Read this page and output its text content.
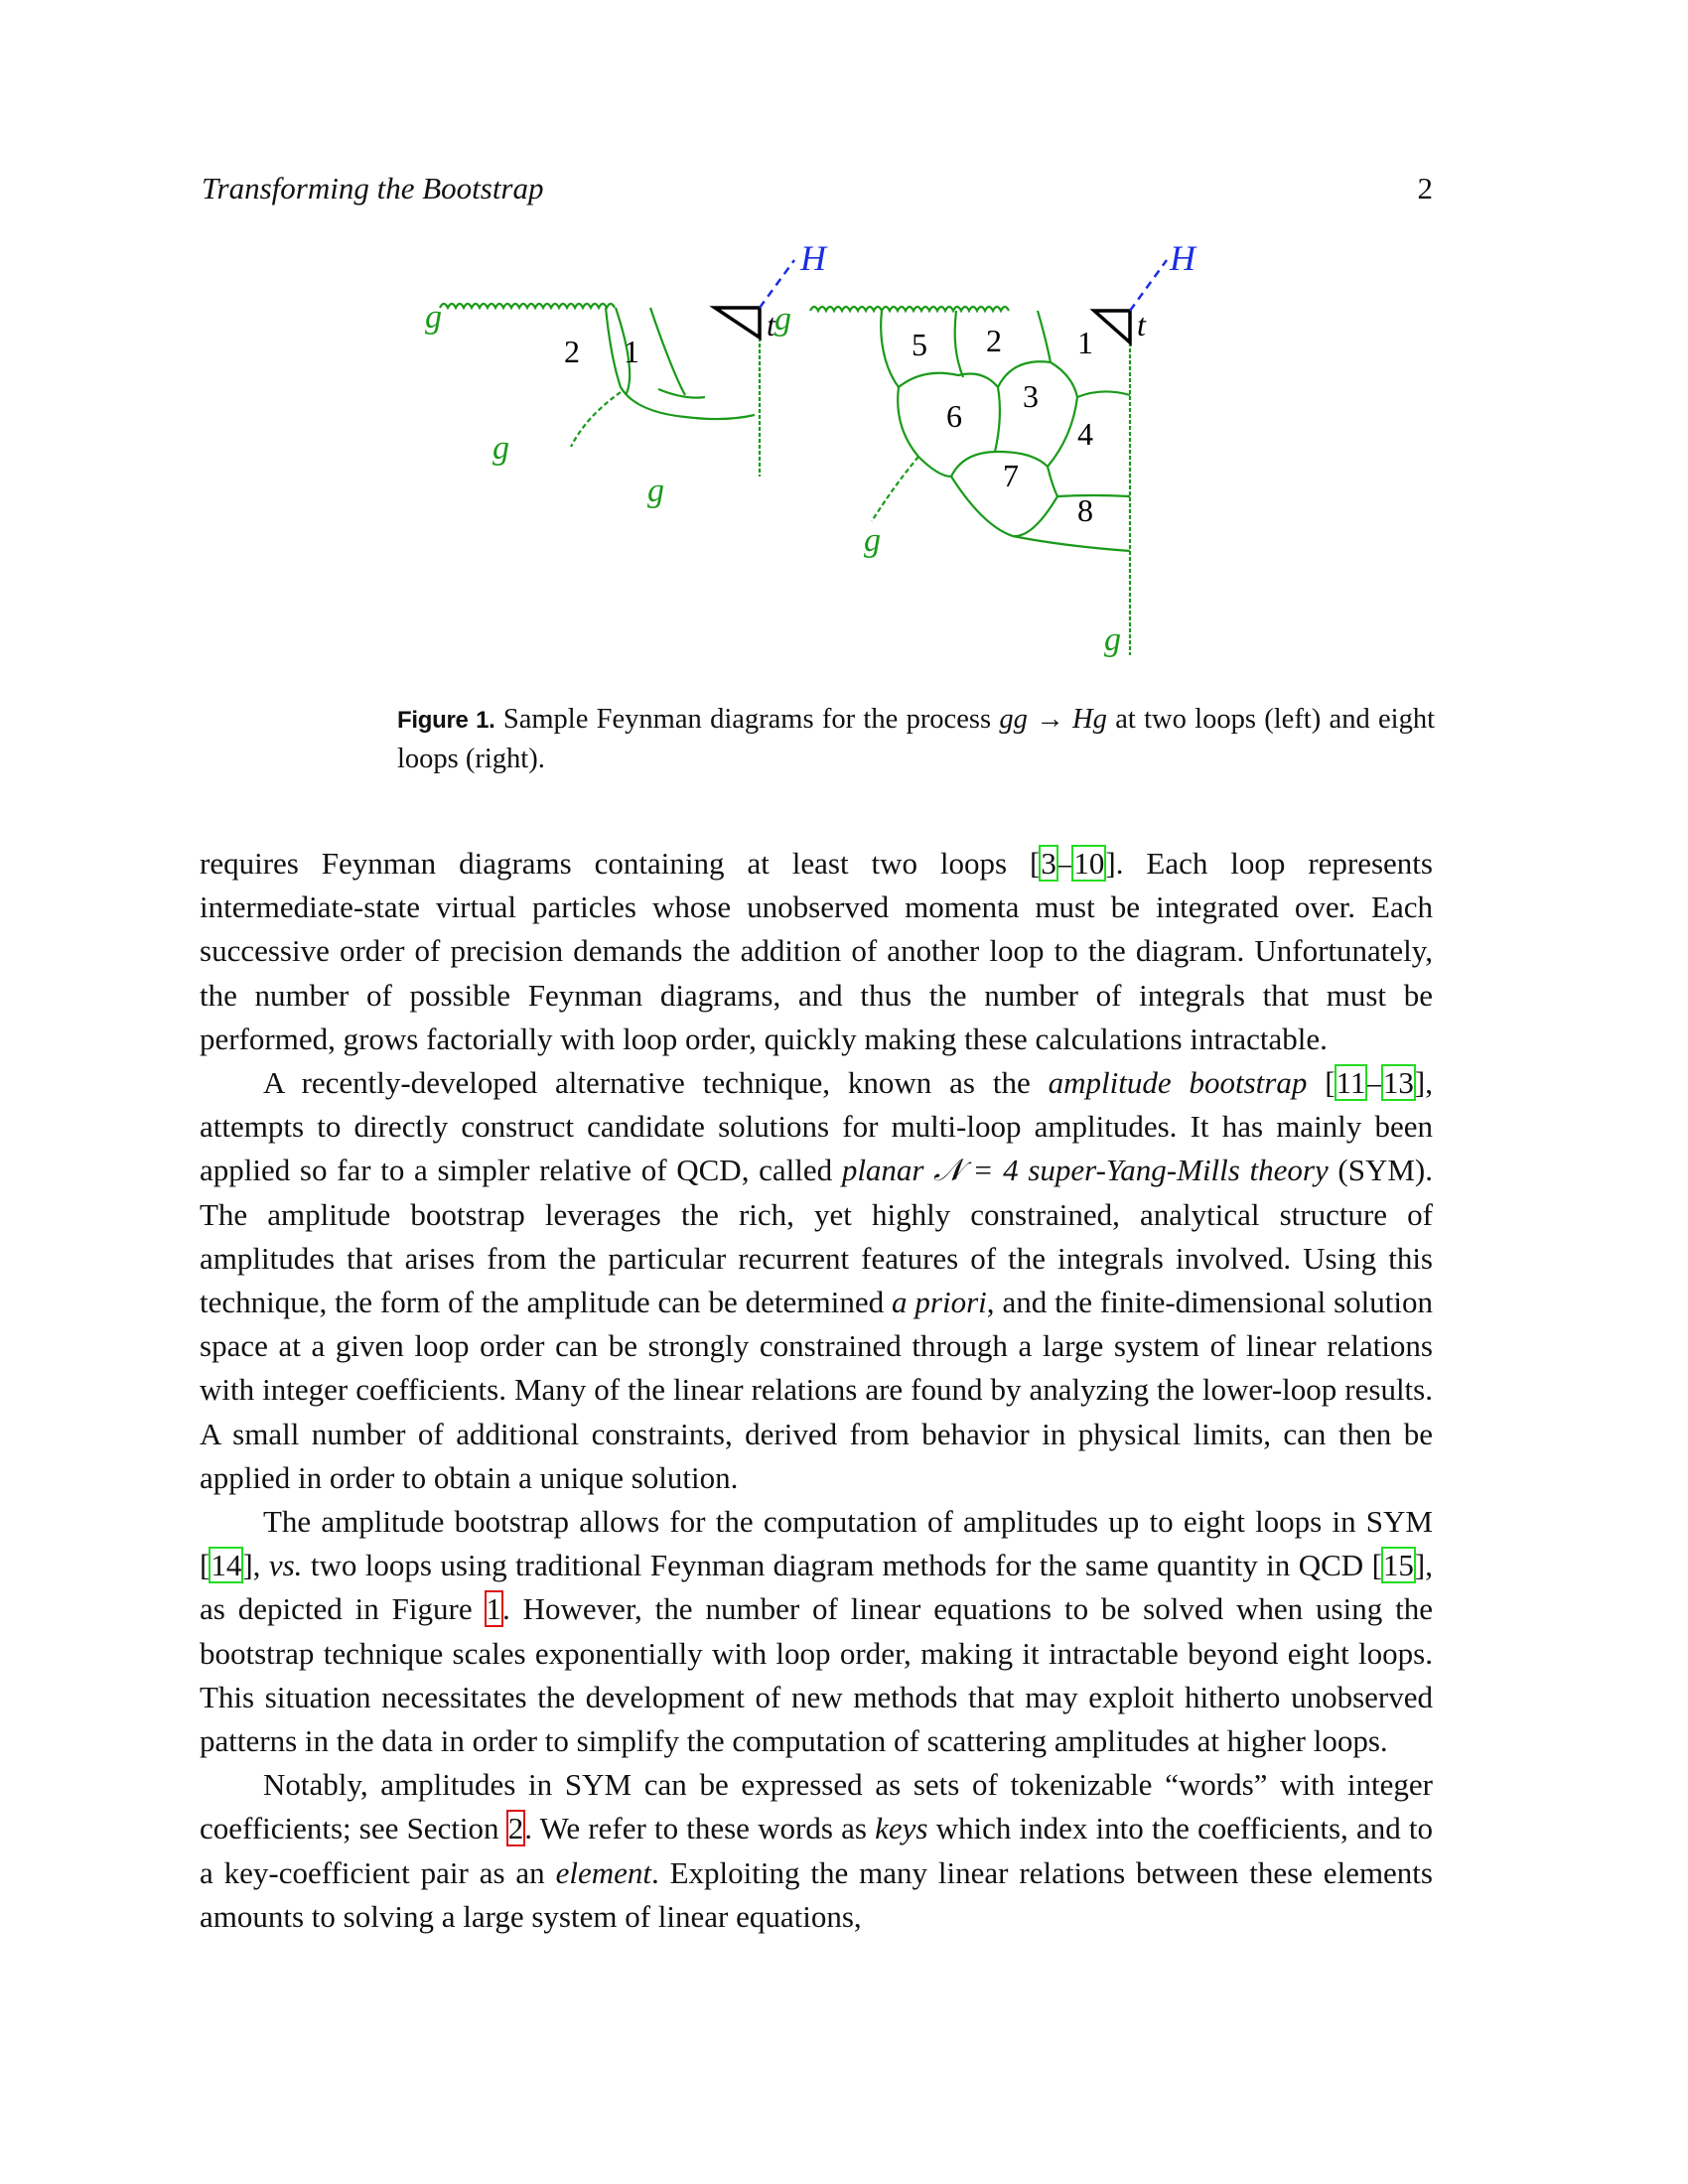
Transforming the Bootstrap	2
g
g
g
H
t
2 1
g
g
g
H
t
5 2 1
6
3
4
7
8
Figure 1. Sample Feynman diagrams for the process gg → Hg at two loops (left) and eight loops (right).

requires Feynman diagrams containing at least two loops [3–10]. Each loop represents intermediate-state virtual particles whose unobserved momenta must be integrated over. Each successive order of precision demands the addition of another loop to the diagram. Unfortunately, the number of possible Feynman diagrams, and thus the number of integrals that must be performed, grows factorially with loop order, quickly making these calculations intractable.

A recently-developed alternative technique, known as the amplitude bootstrap [11–13], attempts to directly construct candidate solutions for multi-loop amplitudes. It has mainly been applied so far to a simpler relative of QCD, called planar 𝒩 = 4 super-Yang-Mills theory (SYM). The amplitude bootstrap leverages the rich, yet highly constrained, analytical structure of amplitudes that arises from the particular recurrent features of the integrals involved. Using this technique, the form of the amplitude can be determined a priori, and the finite-dimensional solution space at a given loop order can be strongly constrained through a large system of linear relations with integer coefficients. Many of the linear relations are found by analyzing the lower-loop results. A small number of additional constraints, derived from behavior in physical limits, can then be applied in order to obtain a unique solution.

The amplitude bootstrap allows for the computation of amplitudes up to eight loops in SYM [14], vs. two loops using traditional Feynman diagram methods for the same quantity in QCD [15], as depicted in Figure 1. However, the number of linear equations to be solved when using the bootstrap technique scales exponentially with loop order, making it intractable beyond eight loops. This situation necessitates the development of new methods that may exploit hitherto unobserved patterns in the data in order to simplify the computation of scattering amplitudes at higher loops.

Notably, amplitudes in SYM can be expressed as sets of tokenizable “words” with integer coefficients; see Section 2. We refer to these words as keys which index into the coefficients, and to a key-coefficient pair as an element. Exploiting the many linear relations between these elements amounts to solving a large system of linear equations,
